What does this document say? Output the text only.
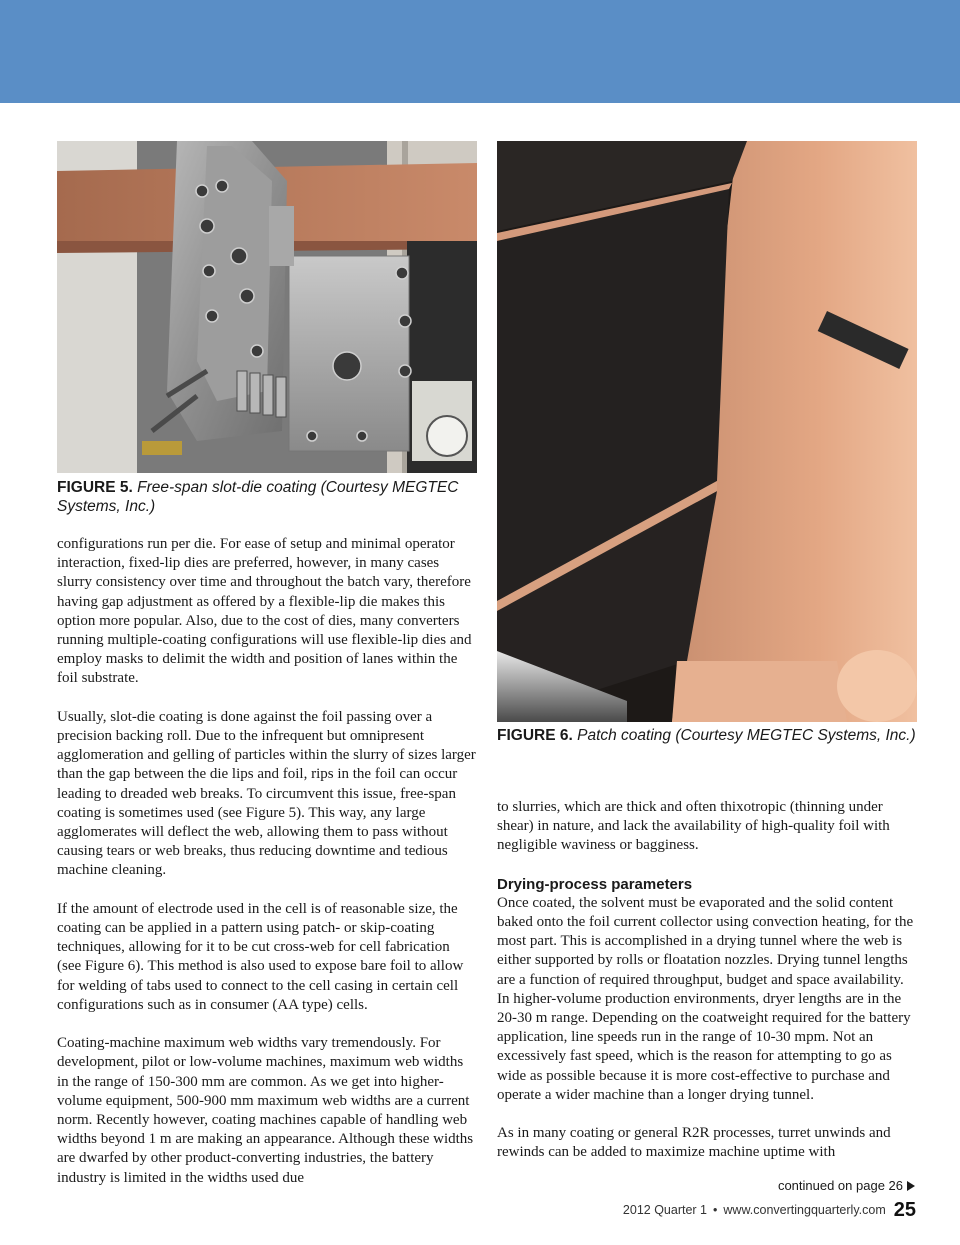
FIGURE 5. Free-span slot-die coating (Courtesy MEGTEC Systems, Inc.)
FIGURE 6. Patch coating (Courtesy MEGTEC Systems, Inc.)

configurations run per die. For ease of setup and minimal operator interaction, fixed-lip dies are preferred, however, in many cases slurry consistency over time and throughout the batch vary, therefore having gap adjustment as offered by a flexible-lip die makes this option more popular. Also, due to the cost of dies, many converters running multiple-coating configurations will use flexible-lip dies and employ masks to delimit the width and position of lanes within the foil substrate.

Usually, slot-die coating is done against the foil passing over a precision backing roll. Due to the infrequent but omnipresent agglomeration and gelling of particles within the slurry of sizes larger than the gap between the die lips and foil, rips in the foil can occur leading to dreaded web breaks. To circumvent this issue, free-span coating is sometimes used (see Figure 5). This way, any large agglomerates will deflect the web, allowing them to pass without causing tears or web breaks, thus reducing downtime and tedious machine cleaning.

If the amount of electrode used in the cell is of reasonable size, the coating can be applied in a pattern using patch- or skip-coating techniques, allowing for it to be cut cross-web for cell fabrication (see Figure 6). This method is also used to expose bare foil to allow for welding of tabs used to connect to the cell casing in certain cell configurations such as in consumer (AA type) cells.

Coating-machine maximum web widths vary tremendously. For development, pilot or low-volume machines, maximum web widths in the range of 150-300 mm are common. As we get into higher-volume equipment, 500-900 mm maximum web widths are a current norm. Recently however, coating machines capable of handling web widths beyond 1 m are making an appearance. Although these widths are dwarfed by other product-converting industries, the battery industry is limited in the widths used due

to slurries, which are thick and often thixotropic (thinning under shear) in nature, and lack the availability of high-quality foil with negligible waviness or bagginess.

Drying-process parameters

Once coated, the solvent must be evaporated and the solid content baked onto the foil current collector using convection heating, for the most part. This is accomplished in a drying tunnel where the web is either supported by rolls or floatation nozzles. Drying tunnel lengths are a function of required throughput, budget and space availability. In higher-volume production environments, dryer lengths are in the 20-30 m range. Depending on the coatweight required for the battery application, line speeds run in the range of 10-30 mpm. Not an excessively fast speed, which is the reason for attempting to go as wide as possible because it is more cost-effective to purchase and operate a wider machine than a longer drying tunnel.

As in many coating or general R2R processes, turret unwinds and rewinds can be added to maximize machine uptime with

continued on page 26
2012 Quarter 1 • www.convertingquarterly.com 25
